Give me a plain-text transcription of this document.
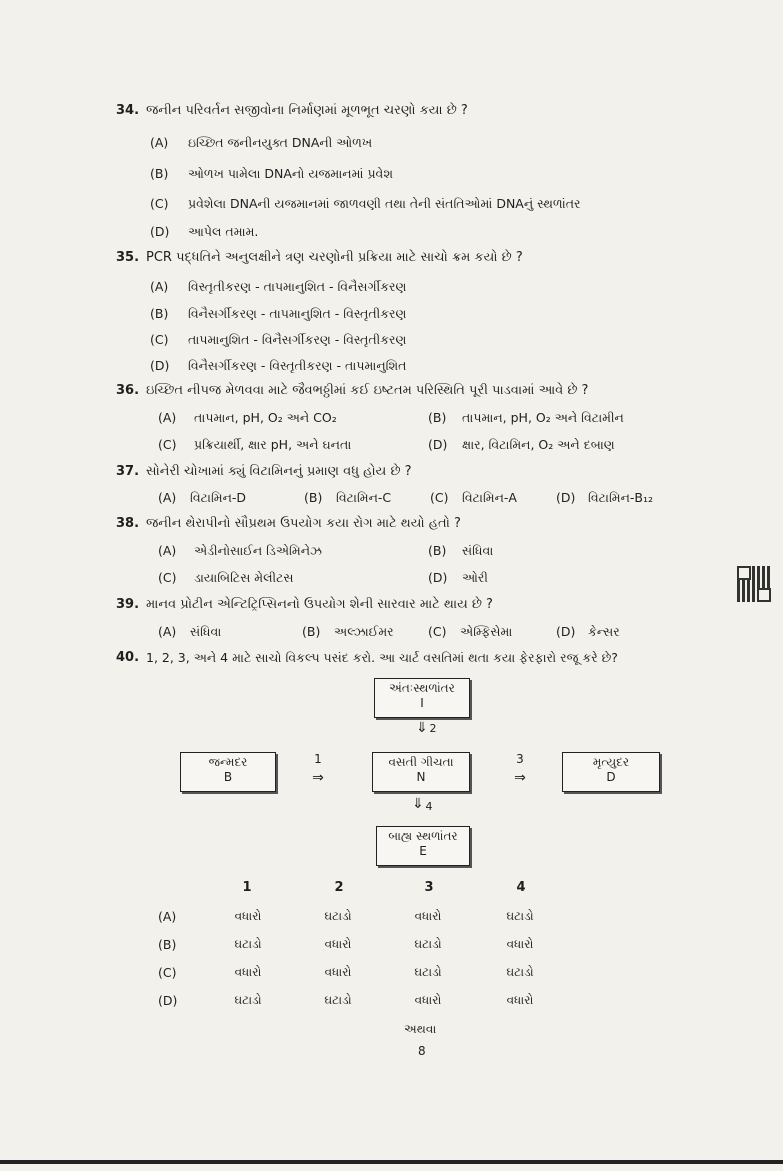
34. જનીન પરિવર્તન સજીવોના નિર્માણમાં મૂળભૂત ચરણો કયા છે ?
(A) ઇચ્છિત જનીનયુક્ત DNAની ઓળખ
(B) ઓળખ પામેલા DNAનો યજમાનમાં પ્રવેશ
(C) પ્રવેશેલા DNAની યજમાનમાં જાળવણી તથા તેની સંતતિઓમાં DNAનું સ્થળાંતર
(D) આપેલ તમામ.
35. PCR પદ્ધતિને અનુલક્ષીને ત્રણ ચરણોની પ્રક્રિયા માટે સાચો ક્રમ કયો છે ?
(A) વિસ્તૃતીકરણ - તાપમાનુશિત - વિનૈસર્ગીકરણ
(B) વિનૈસર્ગીકરણ - તાપમાનુશિત - વિસ્તૃતીકરણ
(C) તાપમાનુશિત - વિનૈસર્ગીકરણ - વિસ્તૃતીકરણ
(D) વિનૈસર્ગીકરણ - વિસ્તૃતીકરણ - તાપમાનુશિત
36. ઇચ્છિત નીપજ મેળવવા માટે જૈવભઠ્ઠીમાં કઈ ઇષ્ટતમ પરિસ્થિતિ પૂરી પાડવામાં આવે છે ?
(A) તાપમાન, pH, O₂ અને CO₂	(B) તાપમાન, pH, O₂ અને વિટામીન
(C) પ્રક્રિયાર્થી, ક્ષાર pH, અને ઘનતા	(D) ક્ષાર, વિટામિન, O₂ અને દબાણ
37. સોનેરી ચોખામાં ક્યું વિટામિનનું પ્રમાણ વધુ હોય છે ?
(A) વિટામિન-D	(B) વિટામિન-C	(C) વિટામિન-A	(D) વિટામિન-B₁₂
38. જનીન થેરાપીનો સૌપ્રથમ ઉપયોગ કયા રોગ માટે થયો હતો ?
(A) એડીનોસાઈન ડિએમિનેઝ	(B) સંધિવા
(C) ડાયાબિટિસ મેલીટસ	(D) ઓરી
39. માનવ પ્રોટીન એન્ટિટ્રિપ્સિનનો ઉપયોગ શેની સારવાર માટે થાય છે ?
(A) સંધિવા	(B) અલ્ઝાઈમર	(C) એમ્ફિસેમા	(D) કેન્સર
40. 1, 2, 3, અને 4 માટે સાચો વિકલ્પ પસંદ કરો. આ ચાર્ટ વસતિમાં થતા કયા ફેરફારો રજૂ કરે છે?
અંતઃસ્થળાંતર
I
⇓ 2
જન્મદર
B
1
⇒
વસતી ગીચતા
N
3
⇒
મૃત્યુદર
D
⇓ 4
બાહ્ય સ્થળાંતર
E
1	2	3	4
(A)	વધારો	ઘટાડો	વધારો	ઘટાડો
(B)	ઘટાડો	વધારો	ઘટાડો	વધારો
(C)	વધારો	વધારો	ઘટાડો	ઘટાડો
(D)	ઘટાડો	ઘટાડો	વધારો	વધારો
અથવા
8
